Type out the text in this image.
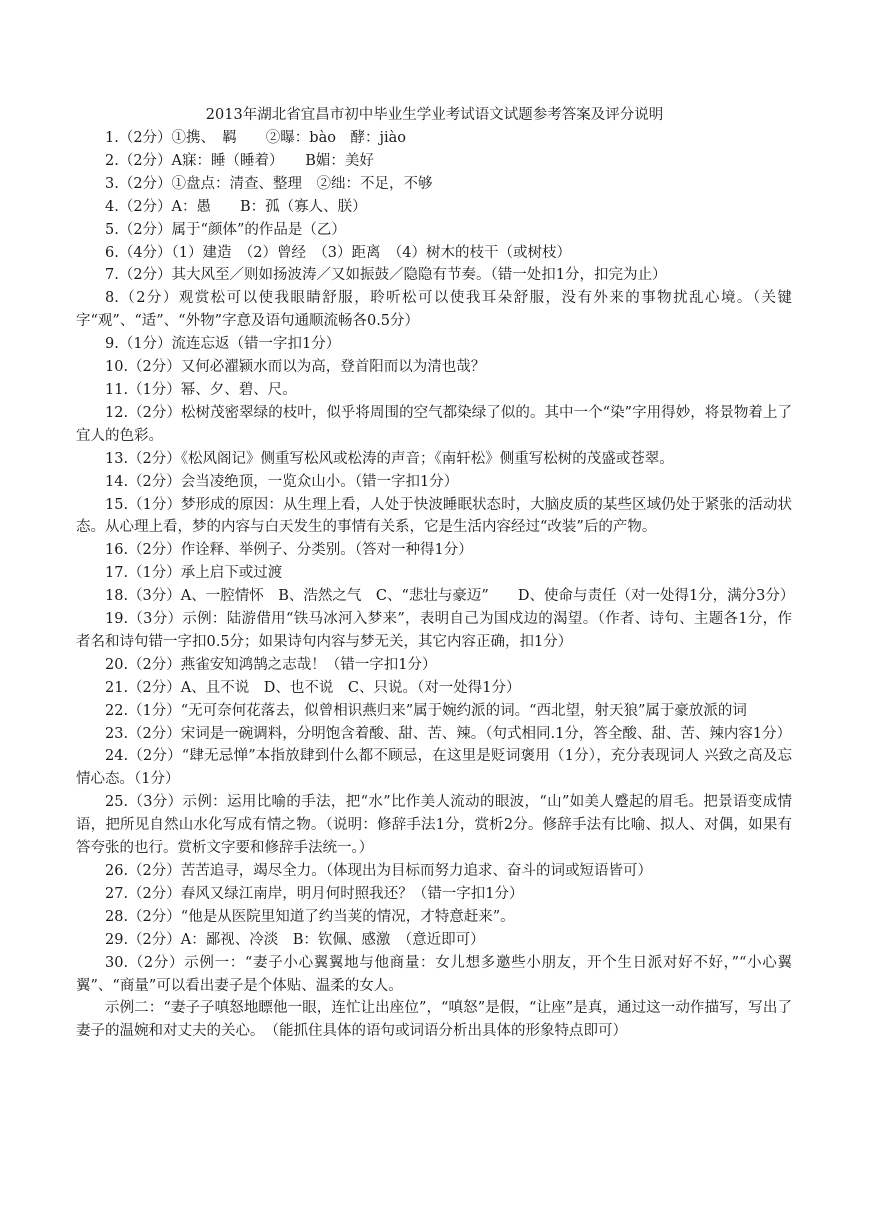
2013年湖北省宜昌市初中毕业生学业考试语文试题参考答案及评分说明

1.（2分）①携、　羁　　②曝：bào　酵：jiào

2.（2分）A寐：睡（睡着）　　B媚：美好

3.（2分）①盘点：清查、整理　②绌：不足，不够

4.（2分）A：愚　　B：孤（寡人、朕）

5.（2分）属于“颜体”的作品是（乙）

6.（4分）（1）建造　（2）曾经　（3）距离　（4）树木的枝干（或树枝）

7.（2分）其大风至／则如扬波涛／又如振鼓／隐隐有节奏。（错一处扣1分，扣完为止）

8.（2分）观赏松可以使我眼睛舒服，聆听松可以使我耳朵舒服，没有外来的事物扰乱心境。（关键字“观”、“适”、“外物”字意及语句通顺流畅各0.5分）

9.（1分）流连忘返（错一字扣1分）

10.（2分）又何必濯颍水而以为高，登首阳而以为清也哉？

11.（1分）幂、夕、碧、尺。

12.（2分）松树茂密翠绿的枝叶，似乎将周围的空气都染绿了似的。其中一个“染”字用得妙，将景物着上了宜人的色彩。

13.（2分）《松风阁记》侧重写松风或松涛的声音；《南轩松》侧重写松树的茂盛或苍翠。

14.（2分）会当凌绝顶，一览众山小。（错一字扣1分）

15.（1分）梦形成的原因：从生理上看，人处于快波睡眠状态时，大脑皮质的某些区域仍处于紧张的活动状态。从心理上看，梦的内容与白天发生的事情有关系，它是生活内容经过“改装”后的产物。

16.（2分）作诠释、举例子、分类别。（答对一种得1分）

17.（1分）承上启下或过渡

18.（3分）A、一腔情怀　B、浩然之气　C、“悲壮与豪迈”　　D、使命与责任（对一处得1分，满分3分）

19.（3分）示例：陆游借用“铁马冰河入梦来”，表明自己为国戍边的渴望。（作者、诗句、主题各1分，作者名和诗句错一字扣0.5分；如果诗句内容与梦无关，其它内容正确，扣1分）

20.（2分）燕雀安知鸿鹄之志哉！（错一字扣1分）

21.（2分）A、且不说　D、也不说　C、只说。（对一处得1分）

22.（1分）“无可奈何花落去，似曾相识燕归来”属于婉约派的词。“西北望，射天狼”属于豪放派的词

23.（2分）宋词是一碗调料，分明饱含着酸、甜、苦、辣。（句式相同.1分，答全酸、甜、苦、辣内容1分）

24.（2分）“肆无忌惮”本指放肆到什么都不顾忌，在这里是贬词褒用（1分），充分表现词人 兴致之高及忘情心态。（1分）

25.（3分）示例：运用比喻的手法，把“水”比作美人流动的眼波，“山”如美人蹙起的眉毛。把景语变成情语，把所见自然山水化写成有情之物。（说明：修辞手法1分，赏析2分。修辞手法有比喻、拟人、对偶，如果有答夸张的也行。赏析文字要和修辞手法统一。）

26.（2分）苦苦追寻，竭尽全力。（体现出为目标而努力追求、奋斗的词或短语皆可）

27.（2分）春风又绿江南岸，明月何时照我还？（错一字扣1分）

28.（2分）“他是从医院里知道了约当荚的情况，才特意赶来”。

29.（2分）A：鄙视、冷淡　B：钦佩、感激　（意近即可）

30.（2分）示例一：“妻子小心翼翼地与他商量：女儿想多邀些小朋友，开个生日派对好不好，”“小心翼翼”、“商量”可以看出妻子是个体贴、温柔的女人。

示例二：“妻子子嗔怒地瞟他一眼，连忙让出座位”，“嗔怒”是假，“让座”是真，通过这一动作描写，写出了妻子的温婉和对丈夫的关心。　（能抓住具体的语句或词语分析出具体的形象特点即可）
